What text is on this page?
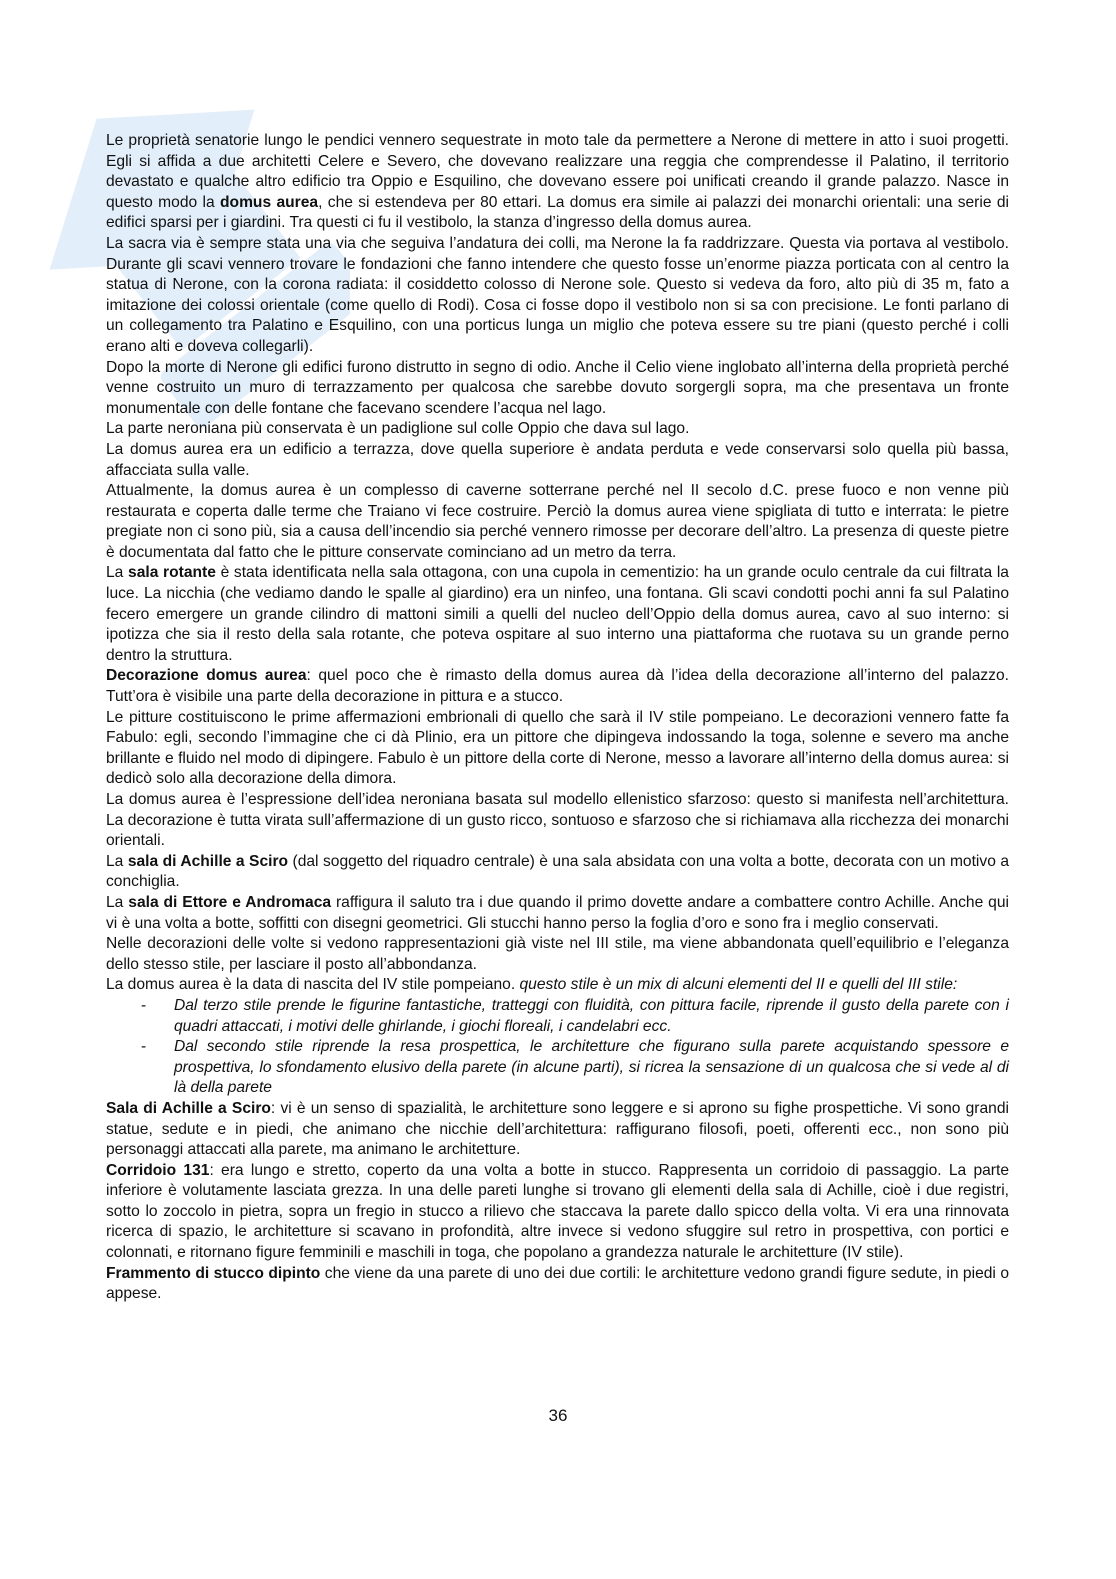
Le proprietà senatorie lungo le pendici vennero sequestrate in moto tale da permettere a Nerone di mettere in atto i suoi progetti. Egli si affida a due architetti Celere e Severo, che dovevano realizzare una reggia che comprendesse il Palatino, il territorio devastato e qualche altro edificio tra Oppio e Esquilino, che dovevano essere poi unificati creando il grande palazzo. Nasce in questo modo la domus aurea, che si estendeva per 80 ettari. La domus era simile ai palazzi dei monarchi orientali: una serie di edifici sparsi per i giardini. Tra questi ci fu il vestibolo, la stanza d’ingresso della domus aurea.

La sacra via è sempre stata una via che seguiva l’andatura dei colli, ma Nerone la fa raddrizzare. Questa via portava al vestibolo. Durante gli scavi vennero trovare le fondazioni che fanno intendere che questo fosse un’enorme piazza porticata con al centro la statua di Nerone, con la corona radiata: il cosiddetto colosso di Nerone sole. Questo si vedeva da foro, alto più di 35 m, fato a imitazione dei colossi orientale (come quello di Rodi). Cosa ci fosse dopo il vestibolo non si sa con precisione. Le fonti parlano di un collegamento tra Palatino e Esquilino, con una porticus lunga un miglio che poteva essere su tre piani (questo perché i colli erano alti e doveva collegarli).

Dopo la morte di Nerone gli edifici furono distrutto in segno di odio. Anche il Celio viene inglobato all’interna della proprietà perché venne costruito un muro di terrazzamento per qualcosa che sarebbe dovuto sorgergli sopra, ma che presentava un fronte monumentale con delle fontane che facevano scendere l’acqua nel lago.

La parte neroniana più conservata è un padiglione sul colle Oppio che dava sul lago.

La domus aurea era un edificio a terrazza, dove quella superiore è andata perduta e vede conservarsi solo quella più bassa, affacciata sulla valle.

Attualmente, la domus aurea è un complesso di caverne sotterrane perché nel II secolo d.C. prese fuoco e non venne più restaurata e coperta dalle terme che Traiano vi fece costruire. Perciò la domus aurea viene spigliata di tutto e interrata: le pietre pregiate non ci sono più, sia a causa dell’incendio sia perché vennero rimosse per decorare dell’altro. La presenza di queste pietre è documentata dal fatto che le pitture conservate cominciano ad un metro da terra.

La sala rotante è stata identificata nella sala ottagona, con una cupola in cementizio: ha un grande oculo centrale da cui filtrata la luce. La nicchia (che vediamo dando le spalle al giardino) era un ninfeo, una fontana. Gli scavi condotti pochi anni fa sul Palatino fecero emergere un grande cilindro di mattoni simili a quelli del nucleo dell’Oppio della domus aurea, cavo al suo interno: si ipotizza che sia il resto della sala rotante, che poteva ospitare al suo interno una piattaforma che ruotava su un grande perno dentro la struttura.

Decorazione domus aurea: quel poco che è rimasto della domus aurea dà l’idea della decorazione all’interno del palazzo. Tutt’ora è visibile una parte della decorazione in pittura e a stucco.

Le pitture costituiscono le prime affermazioni embrionali di quello che sarà il IV stile pompeiano. Le decorazioni vennero fatte fa Fabulo: egli, secondo l’immagine che ci dà Plinio, era un pittore che dipingeva indossando la toga, solenne e severo ma anche brillante e fluido nel modo di dipingere. Fabulo è un pittore della corte di Nerone, messo a lavorare all’interno della domus aurea: si dedicò solo alla decorazione della dimora.

La domus aurea è l’espressione dell’idea neroniana basata sul modello ellenistico sfarzoso: questo si manifesta nell’architettura. La decorazione è tutta virata sull’affermazione di un gusto ricco, sontuoso e sfarzoso che si richiamava alla ricchezza dei monarchi orientali.

La sala di Achille a Sciro (dal soggetto del riquadro centrale) è una sala absidata con una volta a botte, decorata con un motivo a conchiglia.

La sala di Ettore e Andromaca raffigura il saluto tra i due quando il primo dovette andare a combattere contro Achille. Anche qui vi è una volta a botte, soffitti con disegni geometrici. Gli stucchi hanno perso la foglia d’oro e sono fra i meglio conservati.

Nelle decorazioni delle volte si vedono rappresentazioni già viste nel III stile, ma viene abbandonata quell’equilibrio e l’eleganza dello stesso stile, per lasciare il posto all’abbondanza.

La domus aurea è la data di nascita del IV stile pompeiano. questo stile è un mix di alcuni elementi del II e quelli del III stile:

- Dal terzo stile prende le figurine fantastiche, tratteggi con fluidità, con pittura facile, riprende il gusto della parete con i quadri attaccati, i motivi delle ghirlande, i giochi floreali, i candelabri ecc.
- Dal secondo stile riprende la resa prospettica, le architetture che figurano sulla parete acquistando spessore e prospettiva, lo sfondamento elusivo della parete (in alcune parti), si ricrea la sensazione di un qualcosa che si vede al di là della parete

Sala di Achille a Sciro: vi è un senso di spazialità, le architetture sono leggere e si aprono su fighe prospettiche. Vi sono grandi statue, sedute e in piedi, che animano che nicchie dell’architettura: raffigurano filosofi, poeti, offerenti ecc., non sono più personaggi attaccati alla parete, ma animano le architetture.

Corridoio 131: era lungo e stretto, coperto da una volta a botte in stucco. Rappresenta un corridoio di passaggio. La parte inferiore è volutamente lasciata grezza. In una delle pareti lunghe si trovano gli elementi della sala di Achille, cioè i due registri, sotto lo zoccolo in pietra, sopra un fregio in stucco a rilievo che staccava la parete dallo spicco della volta. Vi era una rinnovata ricerca di spazio, le architetture si scavano in profondità, altre invece si vedono sfuggire sul retro in prospettiva, con portici e colonnati, e ritornano figure femminili e maschili in toga, che popolano a grandezza naturale le architetture (IV stile).

Frammento di stucco dipinto che viene da una parete di uno dei due cortili: le architetture vedono grandi figure sedute, in piedi o appese.

36
